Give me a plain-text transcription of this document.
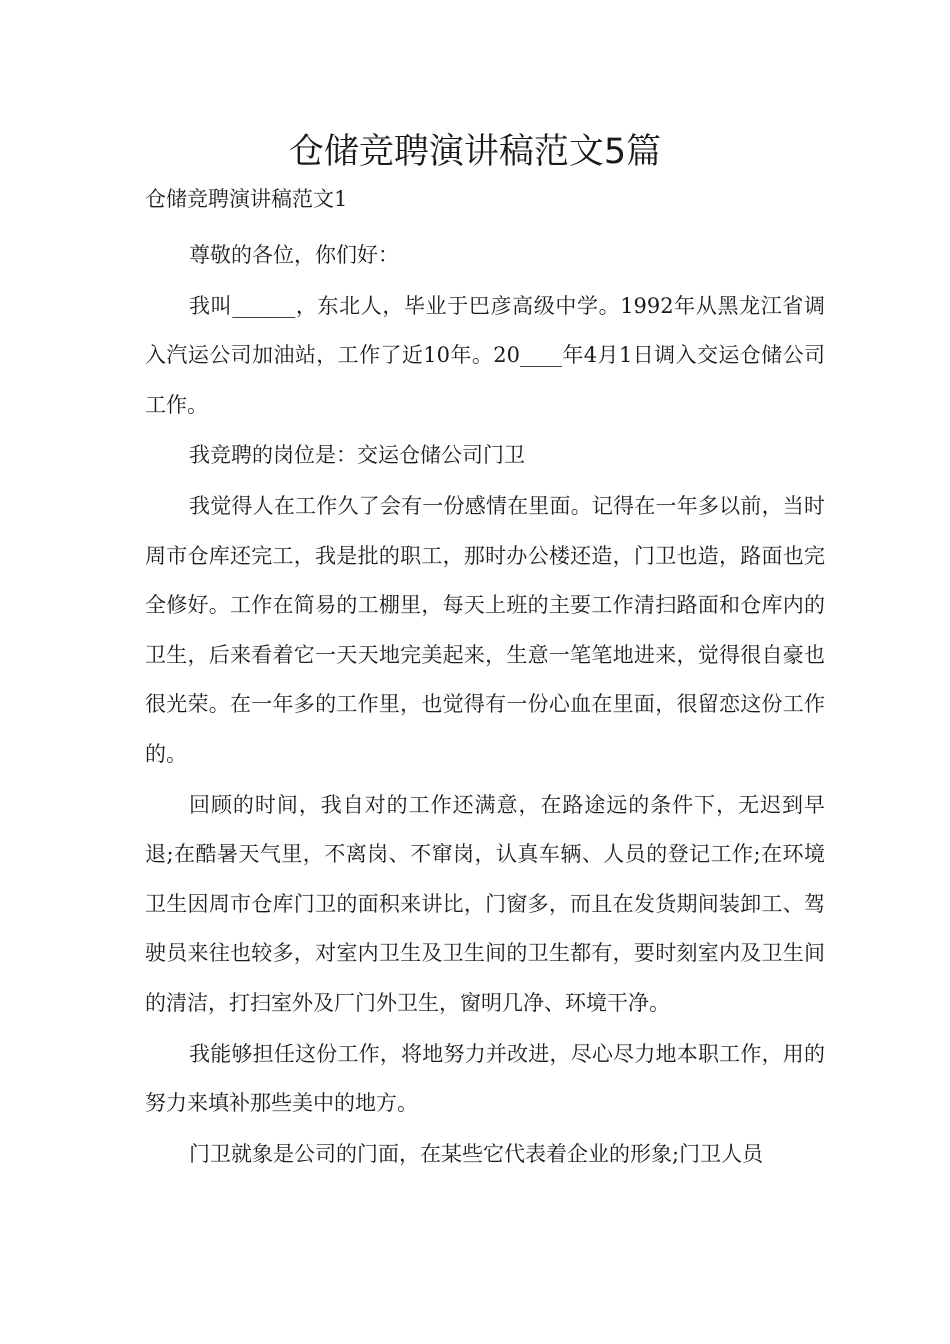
仓储竞聘演讲稿范文5篇

仓储竞聘演讲稿范文1

尊敬的各位，你们好：

我叫______，东北人，毕业于巴彦高级中学。1992年从黑龙江省调入汽运公司加油站，工作了近10年。20____年4月1日调入交运仓储公司工作。

我竞聘的岗位是：交运仓储公司门卫

我觉得人在工作久了会有一份感情在里面。记得在一年多以前，当时周市仓库还完工，我是批的职工，那时办公楼还造，门卫也造，路面也完全修好。工作在简易的工棚里，每天上班的主要工作清扫路面和仓库内的卫生，后来看着它一天天地完美起来，生意一笔笔地进来，觉得很自豪也很光荣。在一年多的工作里，也觉得有一份心血在里面，很留恋这份工作的。

回顾的时间，我自对的工作还满意，在路途远的条件下，无迟到早退;在酷暑天气里，不离岗、不窜岗，认真车辆、人员的登记工作;在环境卫生因周市仓库门卫的面积来讲比，门窗多，而且在发货期间装卸工、驾驶员来往也较多，对室内卫生及卫生间的卫生都有，要时刻室内及卫生间的清洁，打扫室外及厂门外卫生，窗明几净、环境干净。

我能够担任这份工作，将地努力并改进，尽心尽力地本职工作，用的努力来填补那些美中的地方。

门卫就象是公司的门面，在某些它代表着企业的形象;门卫人员
